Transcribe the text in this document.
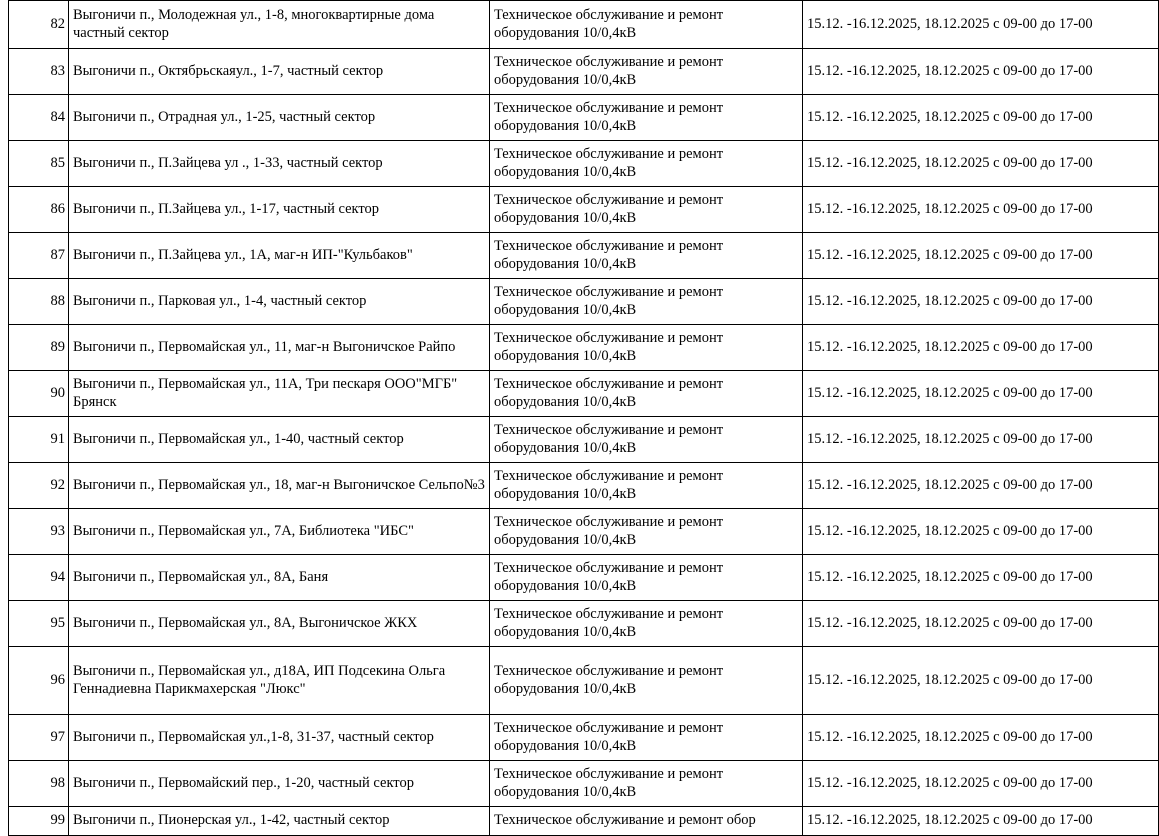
82	Выгоничи п., Молодежная ул., 1-8, многоквартирные дома частный сектор	Техническое обслуживание и ремонт оборудования 10/0,4кВ	15.12. -16.12.2025, 18.12.2025 с 09-00 до 17-00
83	Выгоничи п., Октябрьскаяул., 1-7, частный сектор	Техническое обслуживание и ремонт оборудования 10/0,4кВ	15.12. -16.12.2025, 18.12.2025 с 09-00 до 17-00
84	Выгоничи п., Отрадная ул., 1-25, частный сектор	Техническое обслуживание и ремонт оборудования 10/0,4кВ	15.12. -16.12.2025, 18.12.2025 с 09-00 до 17-00
85	Выгоничи п., П.Зайцева ул ., 1-33, частный сектор	Техническое обслуживание и ремонт оборудования 10/0,4кВ	15.12. -16.12.2025, 18.12.2025 с 09-00 до 17-00
86	Выгоничи п., П.Зайцева ул., 1-17, частный сектор	Техническое обслуживание и ремонт оборудования 10/0,4кВ	15.12. -16.12.2025, 18.12.2025 с 09-00 до 17-00
87	Выгоничи п., П.Зайцева ул., 1А, маг-н ИП-"Кульбаков"	Техническое обслуживание и ремонт оборудования 10/0,4кВ	15.12. -16.12.2025, 18.12.2025 с 09-00 до 17-00
88	Выгоничи п., Парковая ул., 1-4, частный сектор	Техническое обслуживание и ремонт оборудования 10/0,4кВ	15.12. -16.12.2025, 18.12.2025 с 09-00 до 17-00
89	Выгоничи п., Первомайская ул., 11, маг-н Выгоничское Райпо	Техническое обслуживание и ремонт оборудования 10/0,4кВ	15.12. -16.12.2025, 18.12.2025 с 09-00 до 17-00
90	Выгоничи п., Первомайская ул., 11А, Три пескаря ООО"МГБ" Брянск	Техническое обслуживание и ремонт оборудования 10/0,4кВ	15.12. -16.12.2025, 18.12.2025 с 09-00 до 17-00
91	Выгоничи п., Первомайская ул., 1-40, частный сектор	Техническое обслуживание и ремонт оборудования 10/0,4кВ	15.12. -16.12.2025, 18.12.2025 с 09-00 до 17-00
92	Выгоничи п., Первомайская ул., 18, маг-н Выгоничское Сельпо№3	Техническое обслуживание и ремонт оборудования 10/0,4кВ	15.12. -16.12.2025, 18.12.2025 с 09-00 до 17-00
93	Выгоничи п., Первомайская ул., 7А, Библиотека "ИБС"	Техническое обслуживание и ремонт оборудования 10/0,4кВ	15.12. -16.12.2025, 18.12.2025 с 09-00 до 17-00
94	Выгоничи п., Первомайская ул., 8А, Баня	Техническое обслуживание и ремонт оборудования 10/0,4кВ	15.12. -16.12.2025, 18.12.2025 с 09-00 до 17-00
95	Выгоничи п., Первомайская ул., 8А, Выгоничское ЖКХ	Техническое обслуживание и ремонт оборудования 10/0,4кВ	15.12. -16.12.2025, 18.12.2025 с 09-00 до 17-00
96	Выгоничи п., Первомайская ул., д18А, ИП Подсекина Ольга Геннадиевна Парикмахерская "Люкс"	Техническое обслуживание и ремонт оборудования 10/0,4кВ	15.12. -16.12.2025, 18.12.2025 с 09-00 до 17-00
97	Выгоничи п., Первомайская ул.,1-8, 31-37, частный сектор	Техническое обслуживание и ремонт оборудования 10/0,4кВ	15.12. -16.12.2025, 18.12.2025 с 09-00 до 17-00
98	Выгоничи п., Первомайский пер., 1-20, частный сектор	Техническое обслуживание и ремонт оборудования 10/0,4кВ	15.12. -16.12.2025, 18.12.2025 с 09-00 до 17-00
99	Выгоничи п., Пионерская ул., 1-42, частный сектор	Техническое обслуживание и ремонт обор	15.12. -16.12.2025, 18.12.2025 с 09-00 до 17-00
